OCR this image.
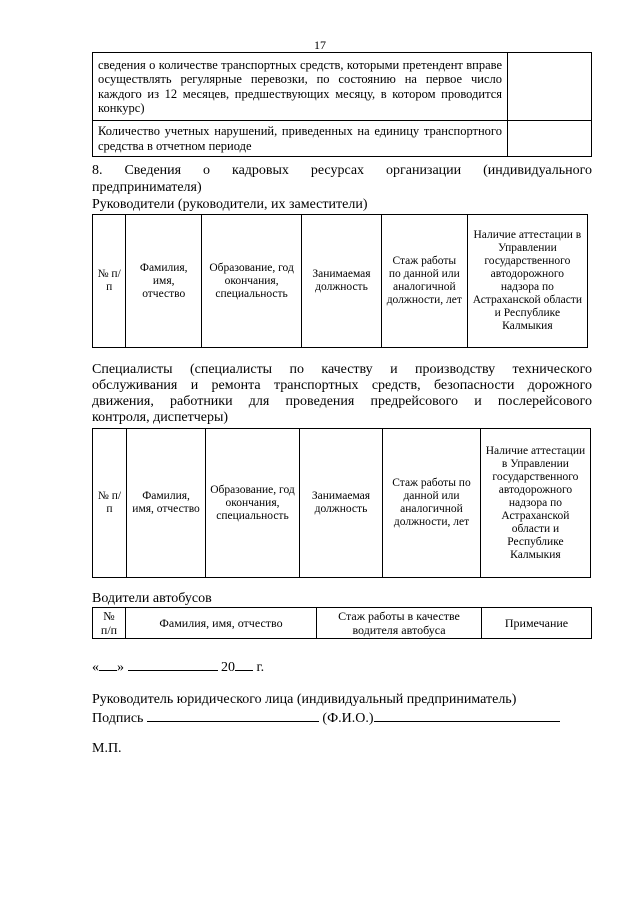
17
сведения о количестве транспортных средств, которыми претендент вправе осуществлять регулярные перевозки, по состоянию на первое число каждого из 12 месяцев, предшествующих месяцу, в котором проводится конкурс)	
Количество учетных нарушений, приведенных на единицу транспортного средства в отчетном периоде	
8. Сведения о кадровых ресурсах организации (индивидуального
предпринимателя)
Руководители (руководители, их заместители)
№ п/п	Фамилия, имя, отчество	Образование, год окончания, специальность	Занимаемая должность	Стаж работы по данной или аналогичной должности, лет	Наличие аттестации в Управлении государственного автодорожного надзора по Астраханской области и Республике Калмыкия
Специалисты (специалисты по качеству и производству технического
обслуживания и ремонта транспортных средств, безопасности дорожного
движения, работники для проведения предрейсового и послерейсового
контроля, диспетчеры)
№ п/п	Фамилия, имя, отчество	Образование, год окончания, специальность	Занимаемая должность	Стаж работы по данной или аналогичной должности, лет	Наличие аттестации в Управлении государственного автодорожного надзора по Астраханской области и Республике Калмыкия
Водители автобусов
№ п/п	Фамилия, имя, отчество	Стаж работы в качестве водителя автобуса	Примечание
« »	20 г.
Руководитель юридического лица (индивидуальный предприниматель)
Подпись	(Ф.И.О.)
М.П.
